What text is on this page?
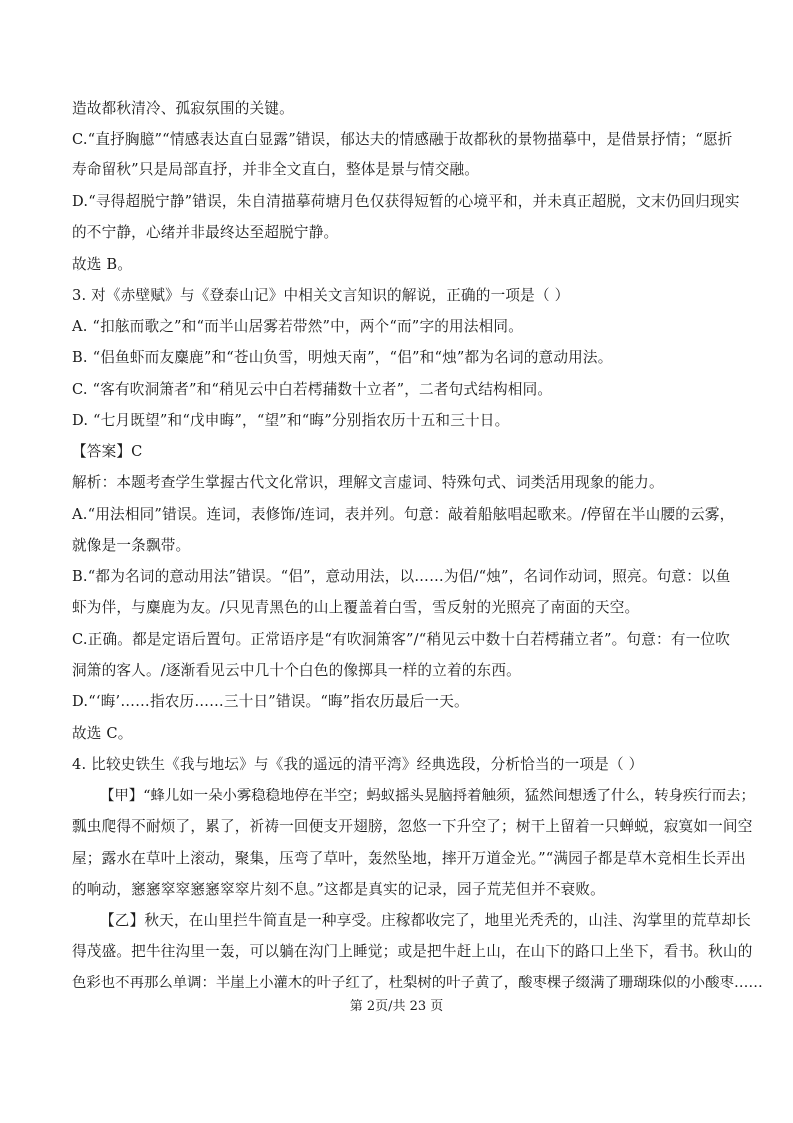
造故都秋清冷、孤寂氛围的关键。
C.“直抒胸臆”“情感表达直白显露”错误，郁达夫的情感融于故都秋的景物描摹中，是借景抒情；“愿折
寿命留秋”只是局部直抒，并非全文直白，整体是景与情交融。
D.“寻得超脱宁静”错误，朱自清描摹荷塘月色仅获得短暂的心境平和，并未真正超脱，文末仍回归现实
的不宁静，心绪并非最终达至超脱宁静。
故选 B。
3. 对《赤壁赋》与《登泰山记》中相关文言知识的解说，正确的一项是（ ）
A. “扣舷而歌之”和“而半山居雾若带然”中，两个“而”字的用法相同。
B. “侣鱼虾而友麋鹿”和“苍山负雪，明烛天南”，“侣”和“烛”都为名词的意动用法。
C. “客有吹洞箫者”和“稍见云中白若樗蒱数十立者”，二者句式结构相同。
D. “七月既望”和“戊申晦”，“望”和“晦”分别指农历十五和三十日。
【答案】C
解析：本题考查学生掌握古代文化常识，理解文言虚词、特殊句式、词类活用现象的能力。
A.“用法相同”错误。连词，表修饰/连词，表并列。句意：敲着船舷唱起歌来。/停留在半山腰的云雾，
就像是一条飘带。
B.“都为名词的意动用法”错误。“侣”，意动用法，以……为侣/“烛”，名词作动词，照亮。句意：以鱼
虾为伴，与麋鹿为友。/只见青黑色的山上覆盖着白雪，雪反射的光照亮了南面的天空。
C.正确。都是定语后置句。正常语序是“有吹洞箫客”/“稍见云中数十白若樗蒱立者”。句意：有一位吹
洞箫的客人。/逐渐看见云中几十个白色的像掷具一样的立着的东西。
D.“‘晦’……指农历……三十日”错误。“晦”指农历最后一天。
故选 C。
4. 比较史铁生《我与地坛》与《我的遥远的清平湾》经典选段，分析恰当的一项是（ ）
【甲】“蜂儿如一朵小雾稳稳地停在半空；蚂蚁摇头晃脑捋着触须，猛然间想透了什么，转身疾行而去；
瓢虫爬得不耐烦了，累了，祈祷一回便支开翅膀，忽悠一下升空了；树干上留着一只蝉蜕，寂寞如一间空
屋；露水在草叶上滚动，聚集，压弯了草叶，轰然坠地，摔开万道金光。”“满园子都是草木竞相生长弄出
的响动，窸窸窣窣窸窸窣窣片刻不息。”这都是真实的记录，园子荒芜但并不衰败。
【乙】秋天，在山里拦牛简直是一种享受。庄稼都收完了，地里光秃秃的，山洼、沟掌里的荒草却长
得茂盛。把牛往沟里一轰，可以躺在沟门上睡觉；或是把牛赶上山，在山下的路口上坐下，看书。秋山的
色彩也不再那么单调：半崖上小灌木的叶子红了，杜梨树的叶子黄了，酸枣棵子缀满了珊瑚珠似的小酸枣……
第 2页/共 23 页
